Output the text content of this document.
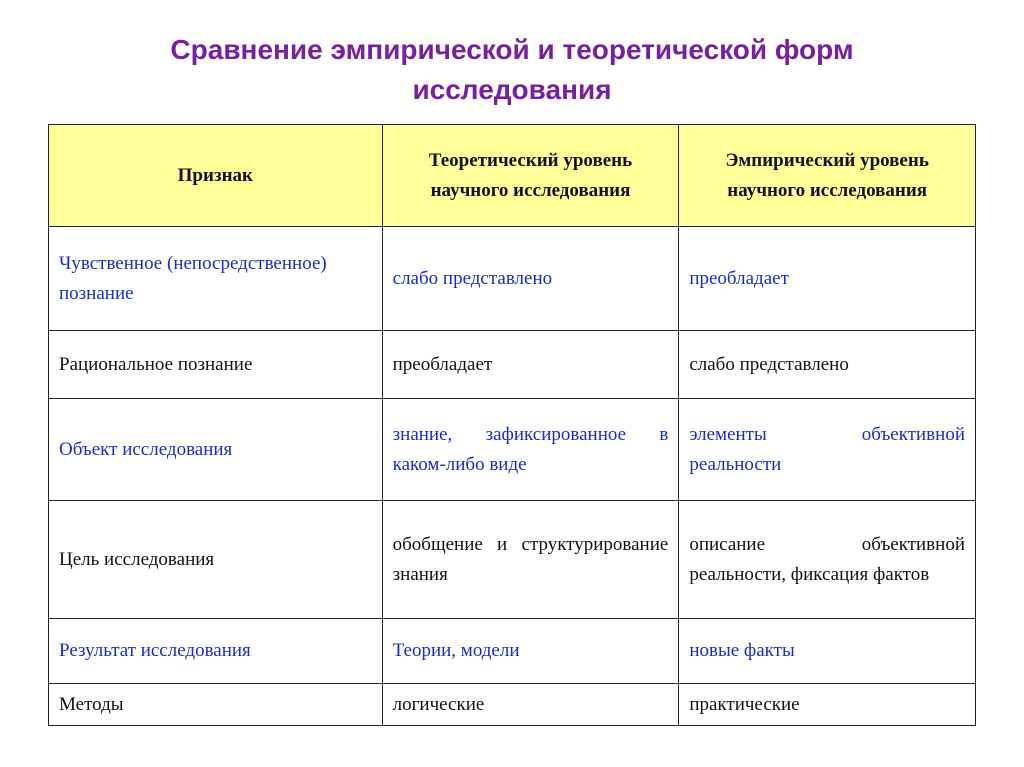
Сравнение эмпирической и теоретической форм
исследования
Признак	Теоретический уровень научного исследования	Эмпирический уровень научного исследования
Чувственное (непосредственное) познание	слабо представлено	преобладает
Рациональное познание	преобладает	слабо представлено
Объект исследования	знание, зафиксированное в каком-либо виде	элементы объективной реальности
Цель исследования	обобщение и структурирование знания	описание объективной реальности, фиксация фактов
Результат исследования	Теории, модели	новые факты
Методы	логические	практические
